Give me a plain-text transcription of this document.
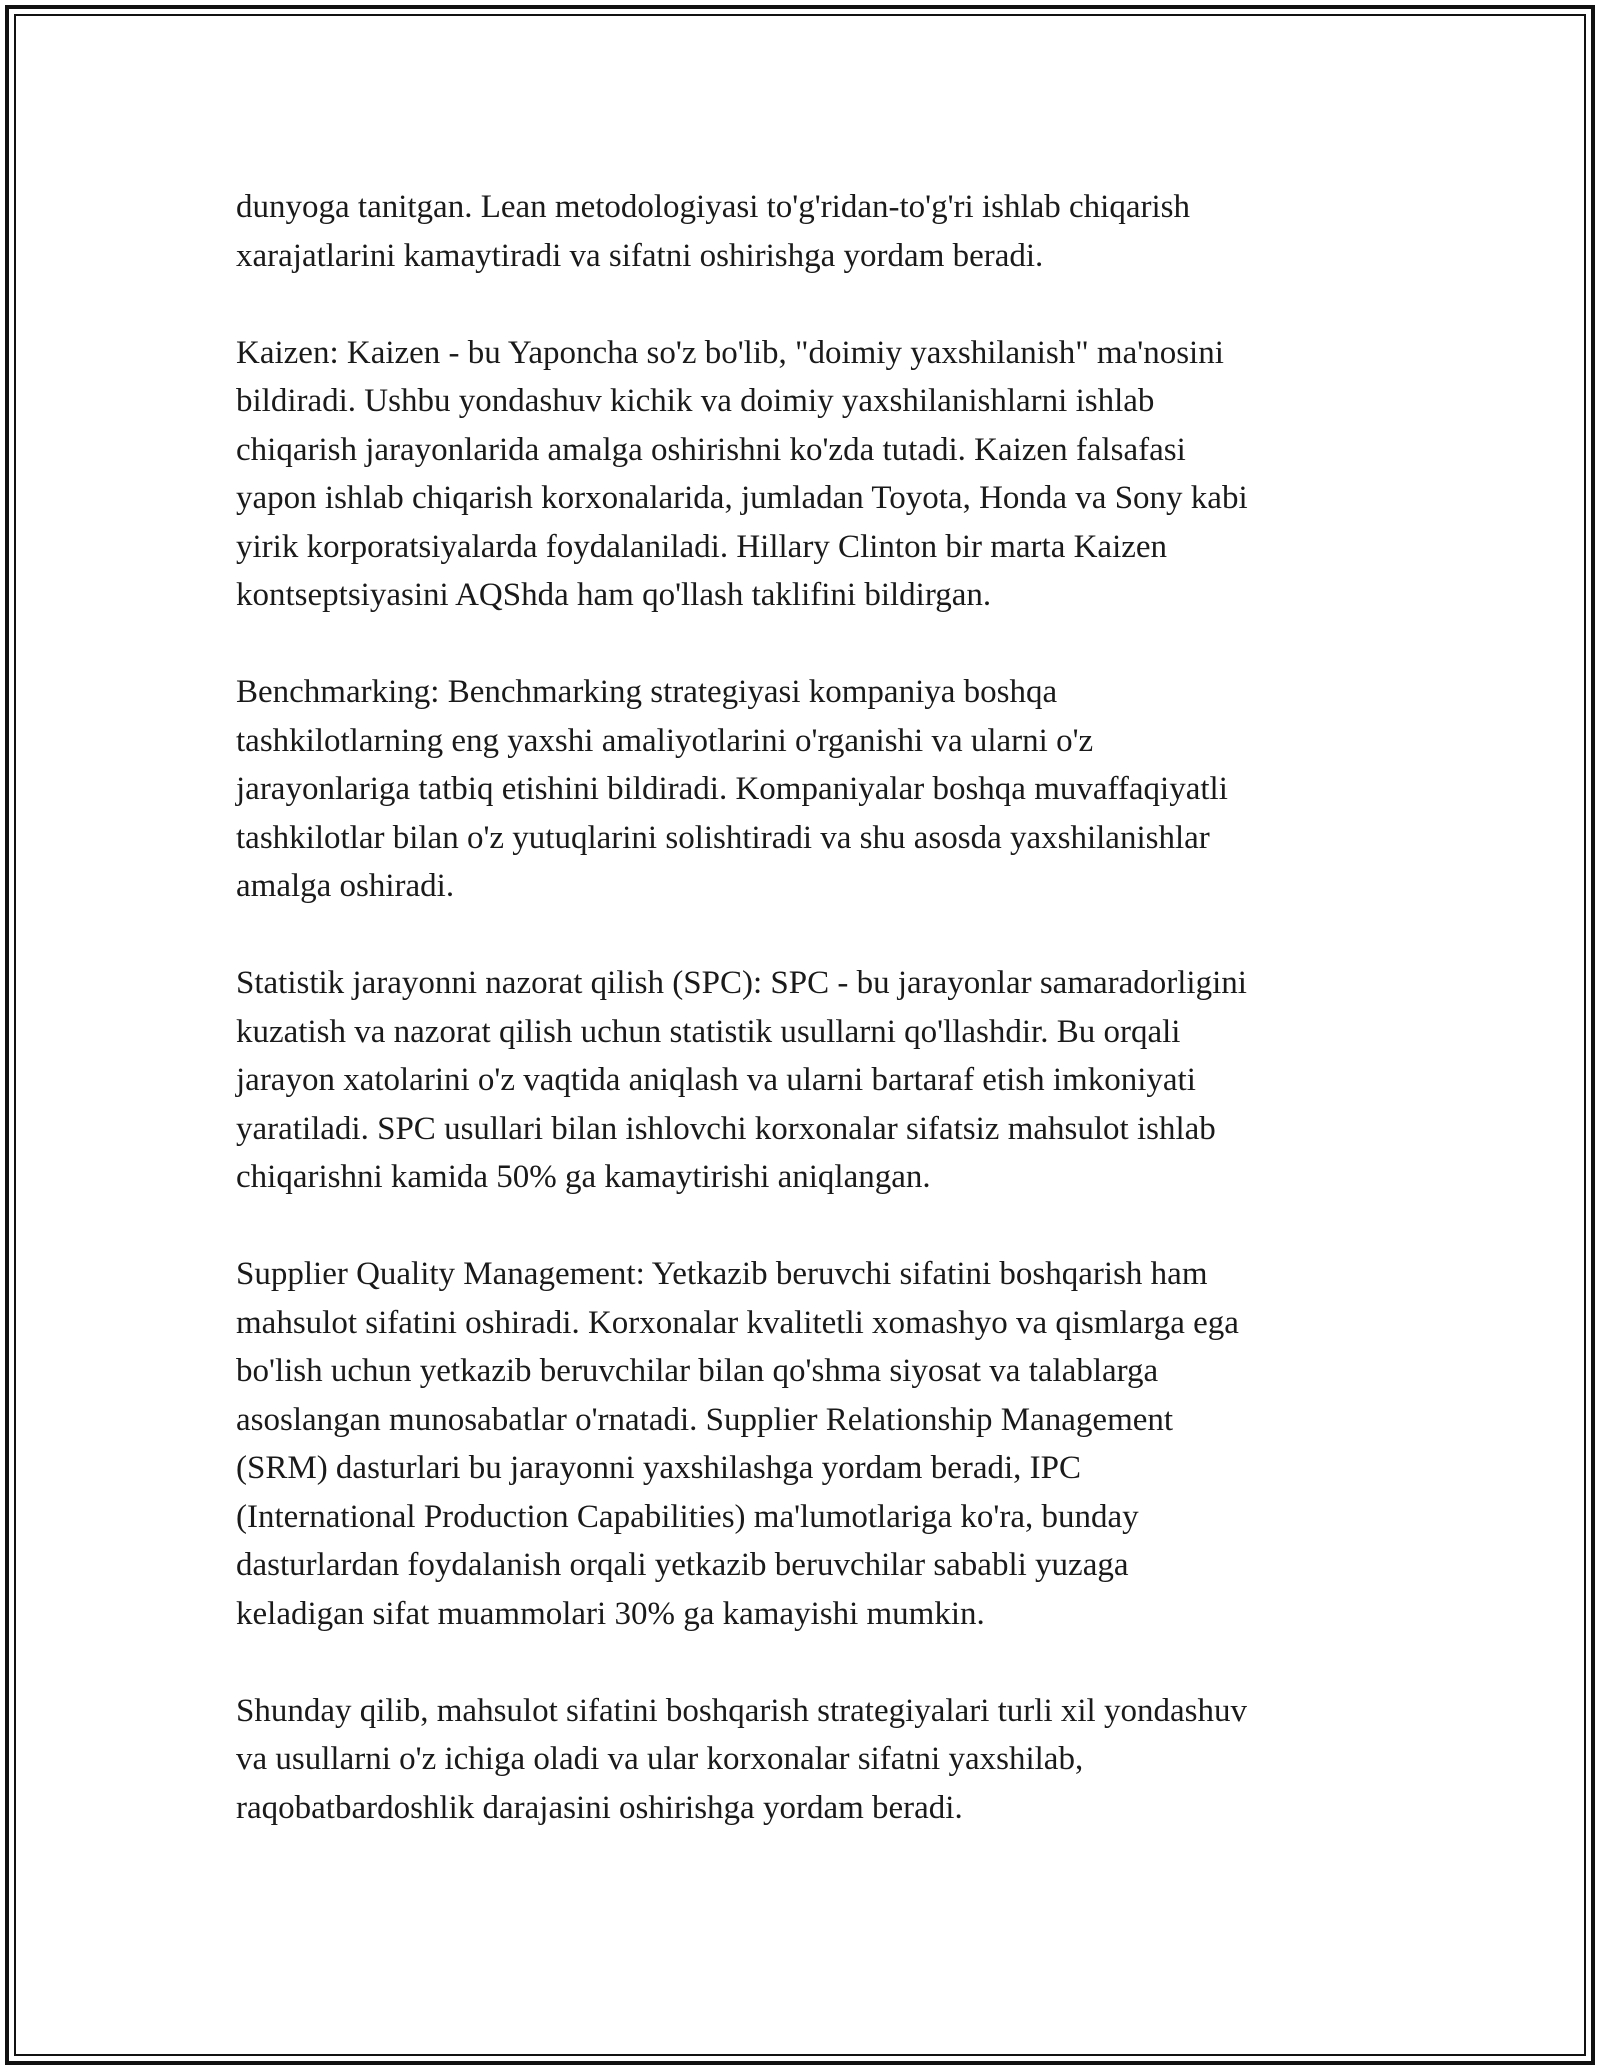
dunyoga tanitgan. Lean metodologiyasi to'g'ridan-to'g'ri ishlab chiqarish
xarajatlarini kamaytiradi va sifatni oshirishga yordam beradi.

Kaizen: Kaizen - bu Yaponcha so'z bo'lib, "doimiy yaxshilanish" ma'nosini
bildiradi. Ushbu yondashuv kichik va doimiy yaxshilanishlarni ishlab
chiqarish jarayonlarida amalga oshirishni ko'zda tutadi. Kaizen falsafasi
yapon ishlab chiqarish korxonalarida, jumladan Toyota, Honda va Sony kabi
yirik korporatsiyalarda foydalaniladi. Hillary Clinton bir marta Kaizen
kontseptsiyasini AQShda ham qo'llash taklifini bildirgan.

Benchmarking: Benchmarking strategiyasi kompaniya boshqa
tashkilotlarning eng yaxshi amaliyotlarini o'rganishi va ularni o'z
jarayonlariga tatbiq etishini bildiradi. Kompaniyalar boshqa muvaffaqiyatli
tashkilotlar bilan o'z yutuqlarini solishtiradi va shu asosda yaxshilanishlar
amalga oshiradi.

Statistik jarayonni nazorat qilish (SPC): SPC - bu jarayonlar samaradorligini
kuzatish va nazorat qilish uchun statistik usullarni qo'llashdir. Bu orqali
jarayon xatolarini o'z vaqtida aniqlash va ularni bartaraf etish imkoniyati
yaratiladi. SPC usullari bilan ishlovchi korxonalar sifatsiz mahsulot ishlab
chiqarishni kamida 50% ga kamaytirishi aniqlangan.

Supplier Quality Management: Yetkazib beruvchi sifatini boshqarish ham
mahsulot sifatini oshiradi. Korxonalar kvalitetli xomashyo va qismlarga ega
bo'lish uchun yetkazib beruvchilar bilan qo'shma siyosat va talablarga
asoslangan munosabatlar o'rnatadi. Supplier Relationship Management
(SRM) dasturlari bu jarayonni yaxshilashga yordam beradi, IPC
(International Production Capabilities) ma'lumotlariga ko'ra, bunday
dasturlardan foydalanish orqali yetkazib beruvchilar sababli yuzaga
keladigan sifat muammolari 30% ga kamayishi mumkin.

Shunday qilib, mahsulot sifatini boshqarish strategiyalari turli xil yondashuv
va usullarni o'z ichiga oladi va ular korxonalar sifatni yaxshilab,
raqobatbardoshlik darajasini oshirishga yordam beradi.
